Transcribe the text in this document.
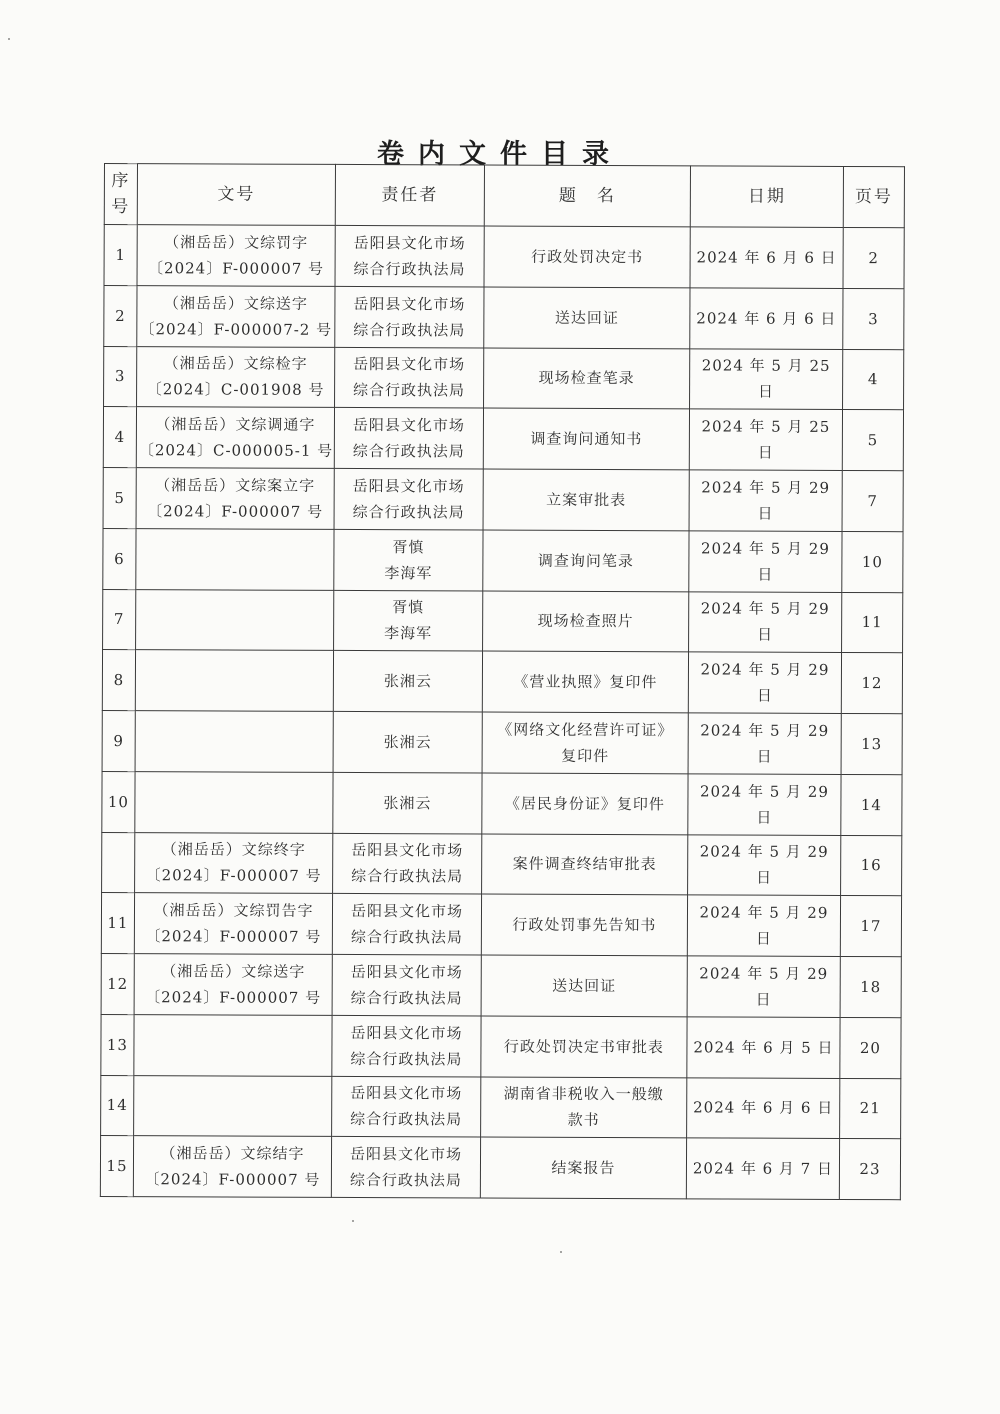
卷内文件目录
序
号	文号	责任者	题　名	日期	页号
1	（湘岳岳）文综罚字
〔2024〕F-000007 号	岳阳县文化市场
综合行政执法局	行政处罚决定书	2024 年 6 月 6 日	2
2	（湘岳岳）文综送字
〔2024〕F-000007-2 号	岳阳县文化市场
综合行政执法局	送达回证	2024 年 6 月 6 日	3
3	（湘岳岳）文综检字
〔2024〕C-001908 号	岳阳县文化市场
综合行政执法局	现场检查笔录	2024 年 5 月 25 日	4
4	（湘岳岳）文综调通字
〔2024〕C-000005-1 号	岳阳县文化市场
综合行政执法局	调查询问通知书	2024 年 5 月 25 日	5
5	（湘岳岳）文综案立字
〔2024〕F-000007 号	岳阳县文化市场
综合行政执法局	立案审批表	2024 年 5 月 29 日	7
6		胥慎
李海军	调查询问笔录	2024 年 5 月 29 日	10
7		胥慎
李海军	现场检查照片	2024 年 5 月 29 日	11
8		张湘云	《营业执照》复印件	2024 年 5 月 29 日	12
9		张湘云	《网络文化经营许可证》
复印件	2024 年 5 月 29 日	13
10		张湘云	《居民身份证》复印件	2024 年 5 月 29 日	14

	（湘岳岳）文综终字
〔2024〕F-000007 号	岳阳县文化市场
综合行政执法局	案件调查终结审批表	2024 年 5 月 29 日	16
11	（湘岳岳）文综罚告字
〔2024〕F-000007 号	岳阳县文化市场
综合行政执法局	行政处罚事先告知书	2024 年 5 月 29 日	17
12	（湘岳岳）文综送字
〔2024〕F-000007 号	岳阳县文化市场
综合行政执法局	送达回证	2024 年 5 月 29 日	18
13		岳阳县文化市场
综合行政执法局	行政处罚决定书审批表	2024 年 6 月 5 日	20
14		岳阳县文化市场
综合行政执法局	湖南省非税收入一般缴
款书	2024 年 6 月 6 日	21
15	（湘岳岳）文综结字
〔2024〕F-000007 号	岳阳县文化市场
综合行政执法局	结案报告	2024 年 6 月 7 日	23
